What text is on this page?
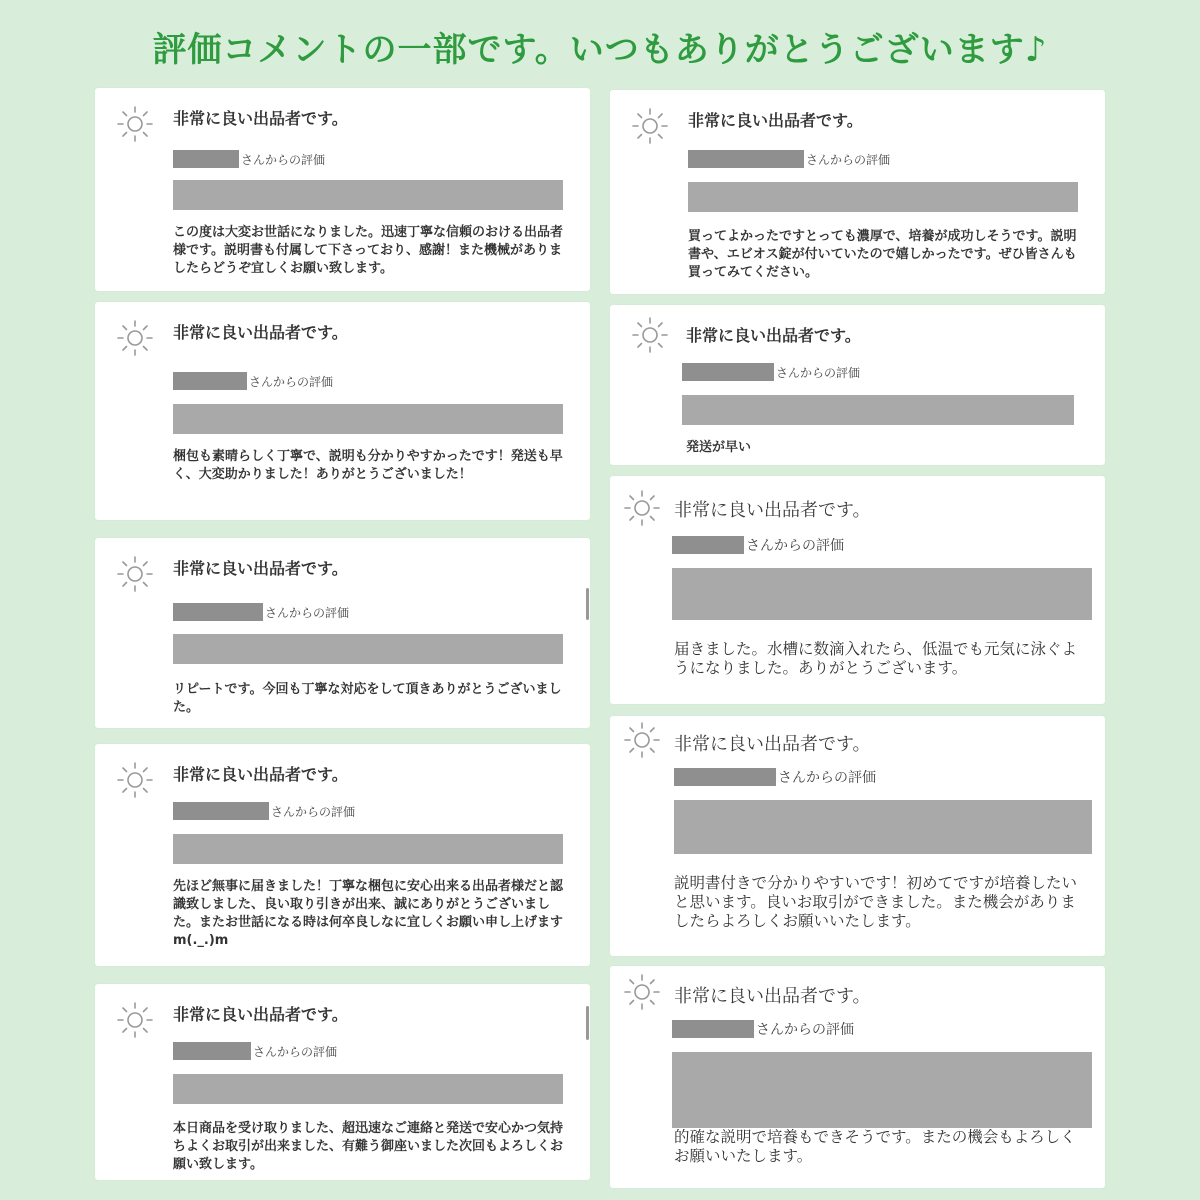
評価コメントの一部です。いつもありがとうございます♪
非常に良い出品者です。
さんからの評価
この度は大変お世話になりました。迅速丁寧な信頼のおける出品者様です。説明書も付属して下さっており、感謝！また機械がありましたらどうぞ宜しくお願い致します。
非常に良い出品者です。
さんからの評価
梱包も素晴らしく丁寧で、説明も分かりやすかったです！発送も早く、大変助かりました！ありがとうございました！
非常に良い出品者です。
さんからの評価
リピートです。今回も丁寧な対応をして頂きありがとうございました。
非常に良い出品者です。
さんからの評価
先ほど無事に届きました！丁寧な梱包に安心出来る出品者様だと認識致しました、良い取り引きが出来、誠にありがとうございました。またお世話になる時は何卒良しなに宜しくお願い申し上げますm(._.)m
非常に良い出品者です。
さんからの評価
本日商品を受け取りました、超迅速なご連絡と発送で安心かつ気持ちよくお取引が出来ました、有難う御座いました次回もよろしくお願い致します。
非常に良い出品者です。
さんからの評価
買ってよかったですとっても濃厚で、培養が成功しそうです。説明書や、エビオス錠が付いていたので嬉しかったです。ぜひ皆さんも買ってみてください。
非常に良い出品者です。
さんからの評価
発送が早い
非常に良い出品者です。
さんからの評価
届きました。水槽に数滴入れたら、低温でも元気に泳ぐようになりました。ありがとうございます。
非常に良い出品者です。
さんからの評価
説明書付きで分かりやすいです！初めてですが培養したいと思います。良いお取引ができました。また機会がありましたらよろしくお願いいたします。
非常に良い出品者です。
さんからの評価
的確な説明で培養もできそうです。またの機会もよろしくお願いいたします。
